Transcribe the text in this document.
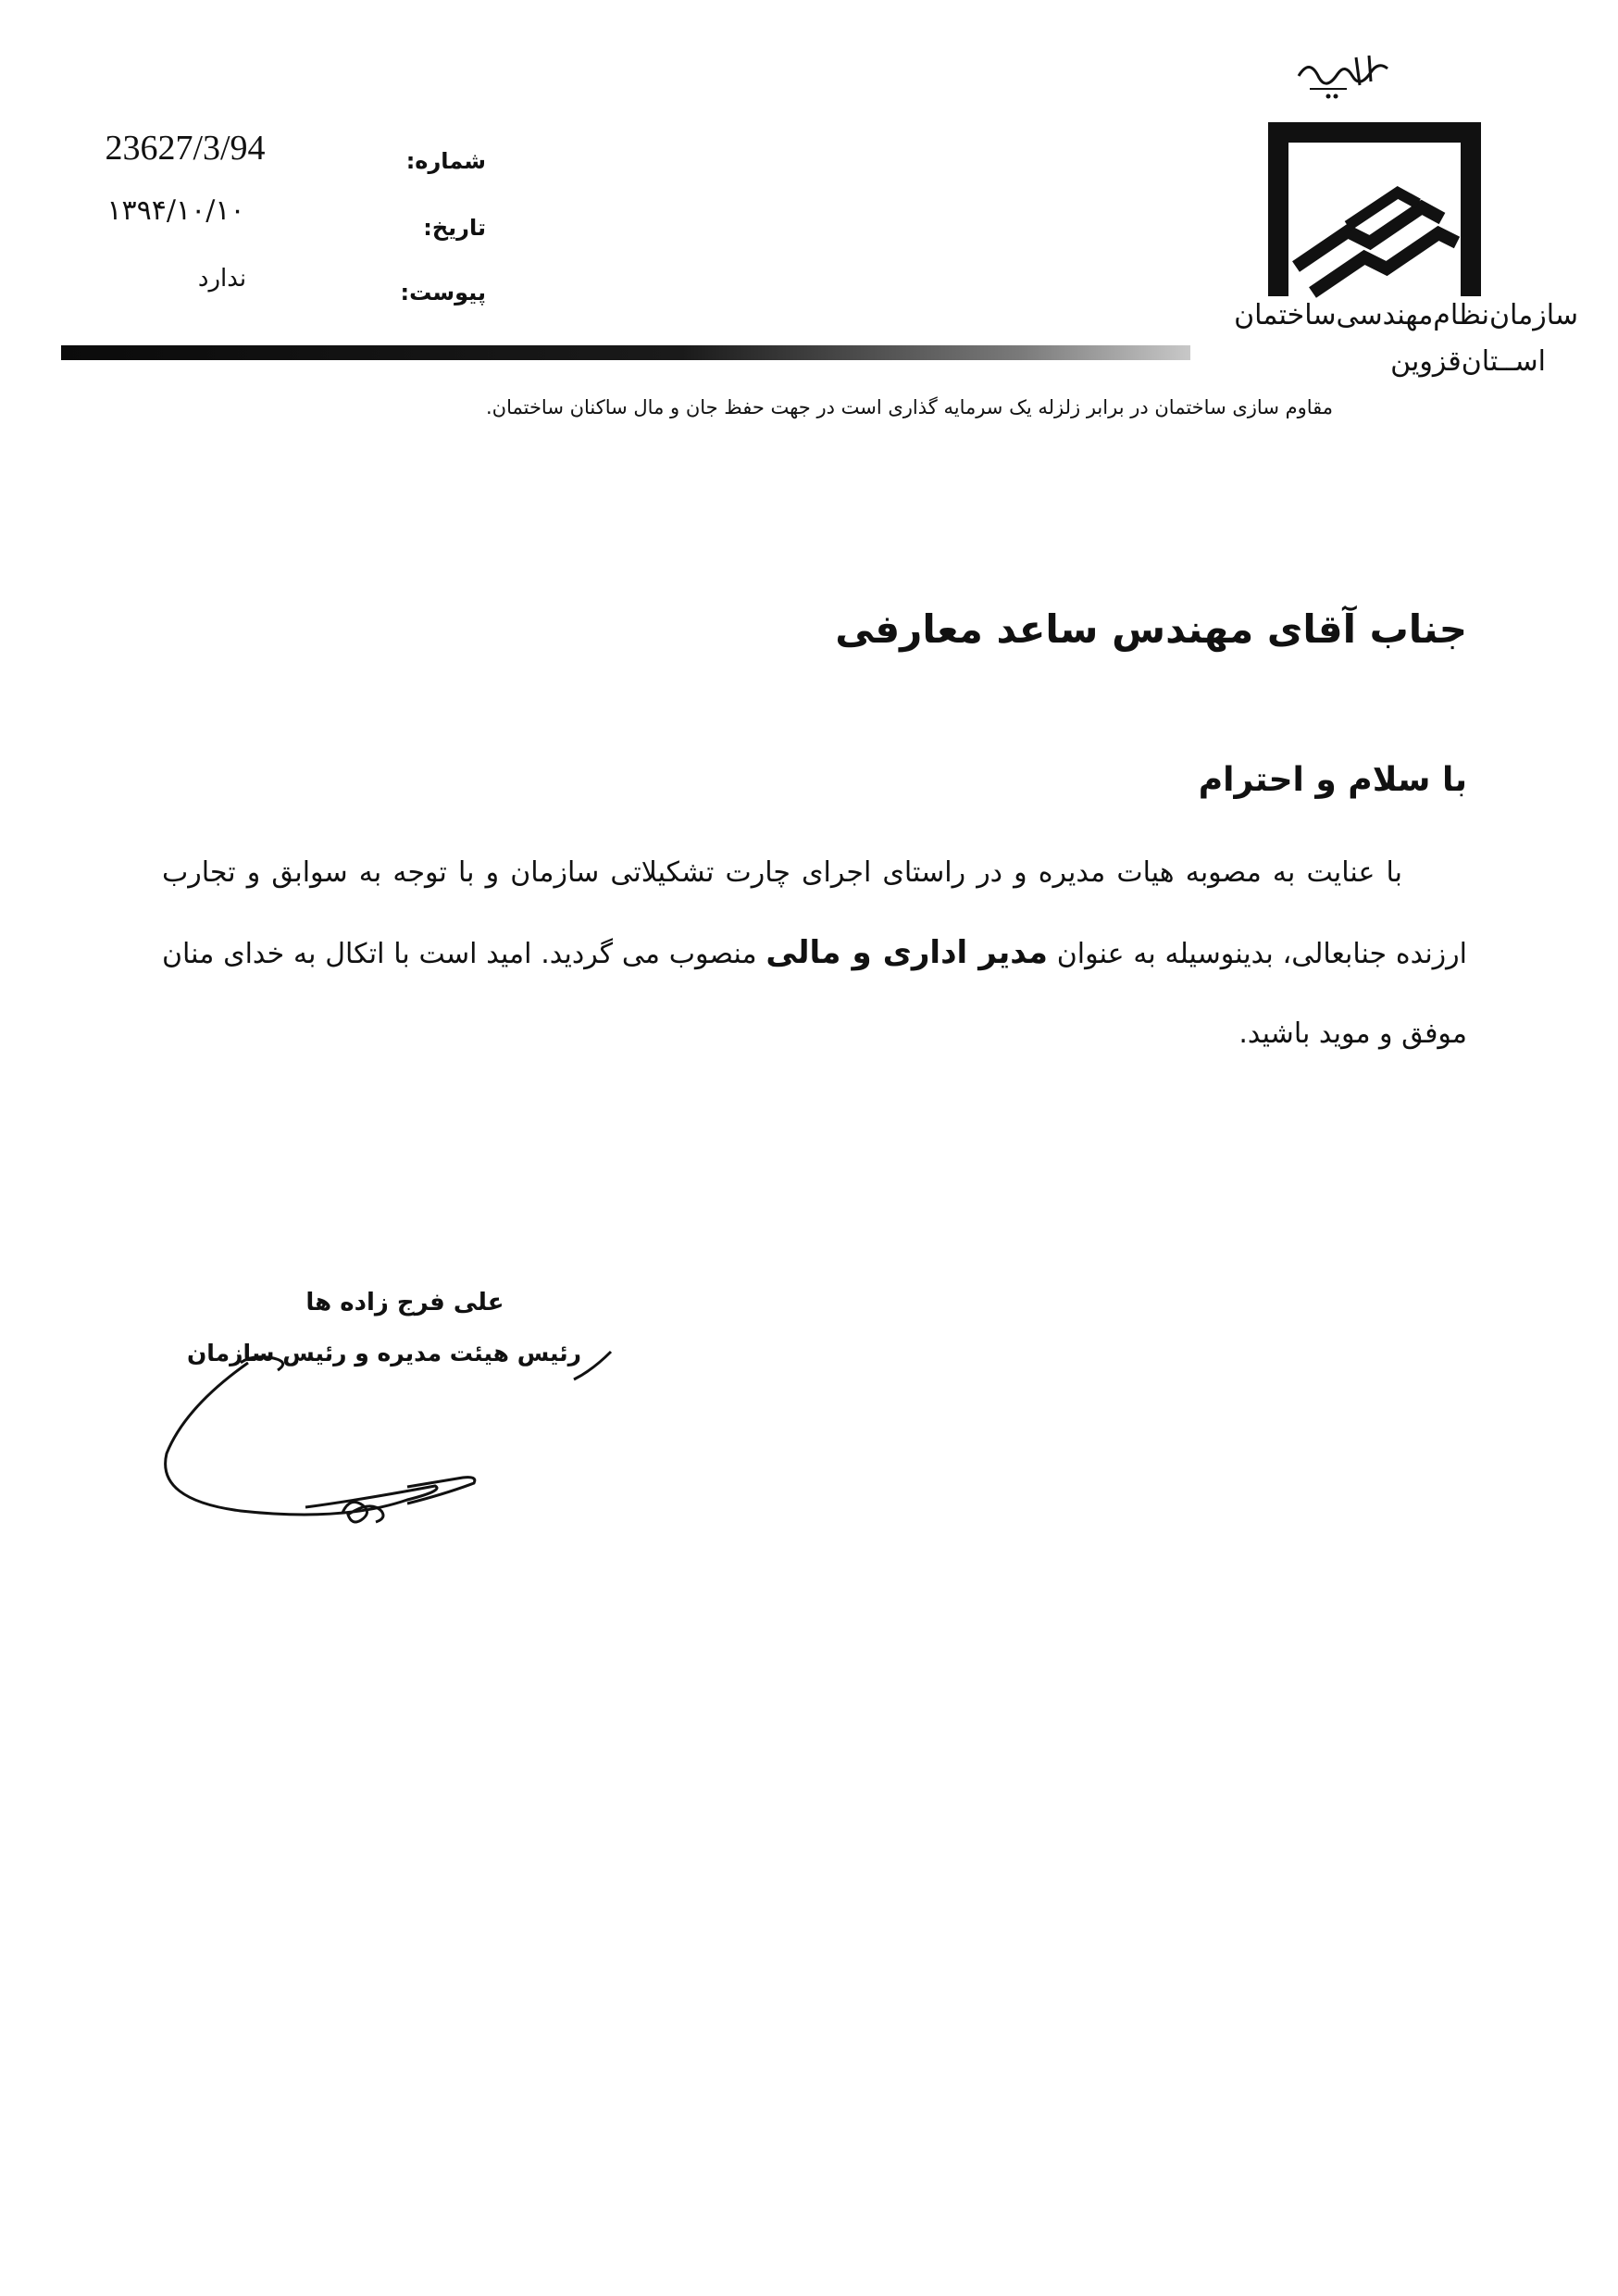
سازمان‌نظام‌مهندسی‌ساختمان
اســتان‌قزوین
شماره:
تاریخ:
پیوست:
23627/3/94
۱۳۹۴/۱۰/۱۰
ندارد
مقاوم سازی ساختمان در برابر زلزله یک سرمایه گذاری است در جهت حفظ جان و مال ساکنان ساختمان.
جناب آقای مهندس ساعد معارفی
با سلام و احترام
با عنایت به مصوبه هیات مدیره و در راستای اجرای چارت تشکیلاتی سازمان و با توجه به سوابق و تجارب ارزنده جنابعالی، بدینوسیله به عنوان مدیر اداری و مالی منصوب می گردید. امید است با اتکال به خدای منان موفق و موید باشید.
علی فرج زاده ها
رئیس هیئت مدیره و رئیس سازمان
